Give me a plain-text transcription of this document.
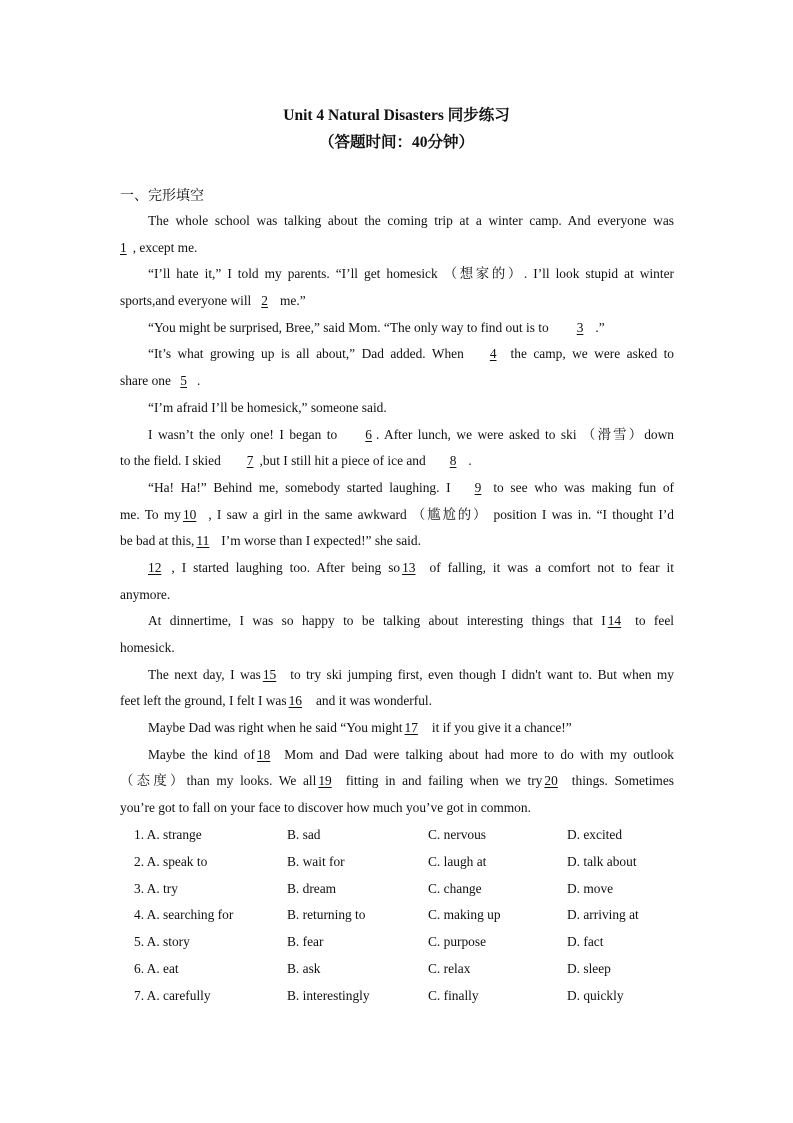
Unit 4 Natural Disasters 同步练习
（答题时间：40分钟）
一、完形填空
The whole school was talking about the coming trip at a winter camp. And everyone was
1 , except me.
“I’ll hate it,” I told my parents. “I’ll get homesick （想家的）. I’ll look stupid at winter
sports,and everyone will 2 me.”
“You might be surprised, Bree,” said Mom. “The only way to find out is to 3 .”
“It’s what growing up is all about,” Dad added. When 4 the camp, we were asked to
share one  5 .
“I’m afraid I’ll be homesick,” someone said.
I wasn’t the only one! I began to 6 . After lunch, we were asked to ski （滑雪）down
to the field. I skied 7 ,but I still hit a piece of ice and 8 .
“Ha! Ha!” Behind me, somebody started laughing. I 9 to see who was making fun of
me. To my 10 , I saw a girl in the same awkward （尴尬的） position I was in. “I thought I’d
be bad at this, 11 I’m worse than I expected!” she said.
12 , I started laughing too. After being so 13 of falling, it was a comfort not to fear it
anymore.
At dinnertime, I was so happy to be talking about interesting things that I 14 to feel
homesick.
The next day, I was 15 to try ski jumping first, even though I didn't want to. But when my
feet left the ground, I felt I was 16 and it was wonderful.
Maybe Dad was right when he said “You might 17 it if you give it a chance!”
Maybe the kind of 18 Mom and Dad were talking about had more to do with my outlook
（态度）than my looks. We all 19 fitting in and failing when we try 20 things. Sometimes
you’re got to fall on your face to discover how much you’ve got in common.
1. A. strange	B. sad	C. nervous	D. excited
2. A. speak to	B. wait for	C. laugh at	D. talk about
3. A. try	B. dream	C. change	D. move
4. A. searching for	B. returning to	C. making up	D. arriving at
5. A. story	B. fear	C. purpose	D. fact
6. A. eat	B. ask	C. relax	D. sleep
7. A. carefully	B. interestingly	C. finally	D. quickly
